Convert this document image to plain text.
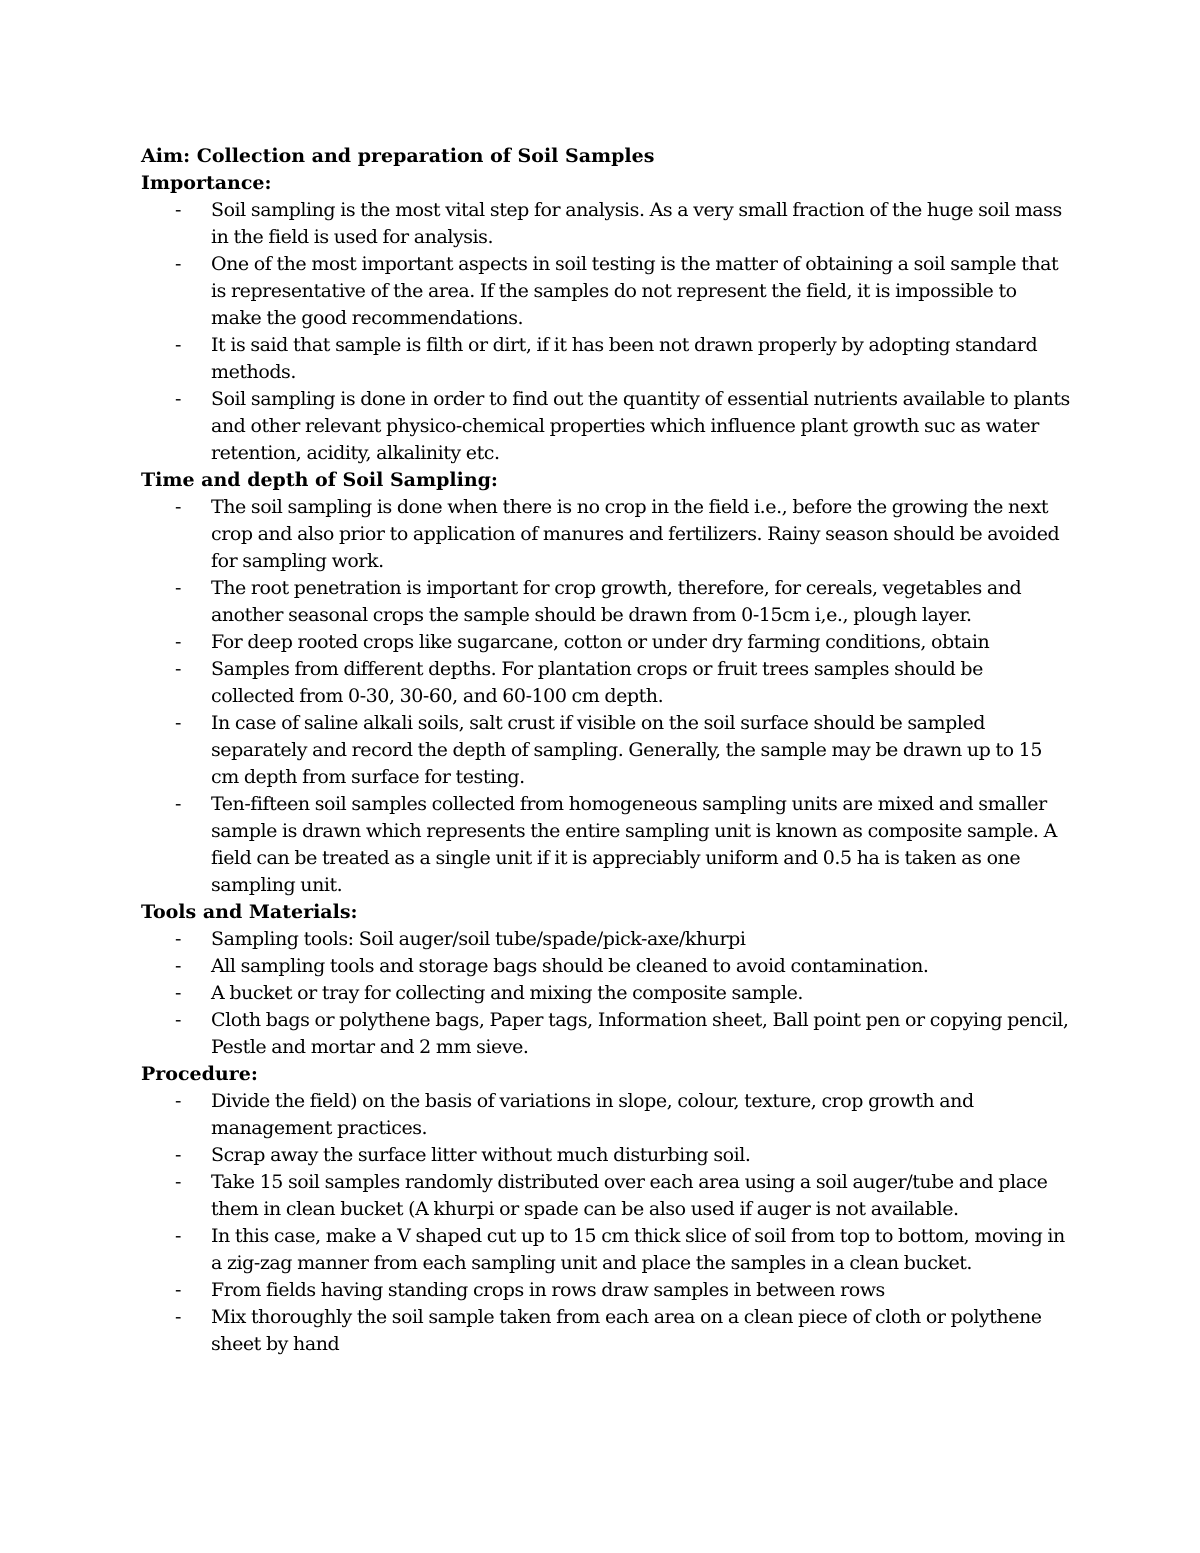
Aim: Collection and preparation of Soil Samples
Importance:
-	Soil sampling is the most vital step for analysis. As a very small fraction of the huge soil mass in the field is used for analysis.
-	One of the most important aspects in soil testing is the matter of obtaining a soil sample that is representative of the area. If the samples do not represent the field, it is impossible to make the good recommendations.
-	It is said that sample is filth or dirt, if it has been not drawn properly by adopting standard methods.
-	Soil sampling is done in order to find out the quantity of essential nutrients available to plants and other relevant physico-chemical properties which influence plant growth suc as water retention, acidity, alkalinity etc.
Time and depth of Soil Sampling:
-	The soil sampling is done when there is no crop in the field i.e., before the growing the next crop and also prior to application of manures and fertilizers. Rainy season should be avoided for sampling work.
-	The root penetration is important for crop growth, therefore, for cereals, vegetables and another seasonal crops the sample should be drawn from 0-15cm i,e., plough layer.
-	For deep rooted crops like sugarcane, cotton or under dry farming conditions, obtain
-	Samples from different depths. For plantation crops or fruit trees samples should be collected from 0-30, 30-60, and 60-100 cm depth.
-	In case of saline alkali soils, salt crust if visible on the soil surface should be sampled separately and record the depth of sampling. Generally, the sample may be drawn up to 15 cm depth from surface for testing.
-	Ten-fifteen soil samples collected from homogeneous sampling units are mixed and smaller sample is drawn which represents the entire sampling unit is known as composite sample. A field can be treated as a single unit if it is appreciably uniform and 0.5 ha is taken as one sampling unit.
Tools and Materials:
-	Sampling tools: Soil auger/soil tube/spade/pick-axe/khurpi
-	All sampling tools and storage bags should be cleaned to avoid contamination.
-	A bucket or tray for collecting and mixing the composite sample.
-	Cloth bags or polythene bags, Paper tags, Information sheet, Ball point pen or copying pencil, Pestle and mortar and 2 mm sieve.
Procedure:
-	Divide the field) on the basis of variations in slope, colour, texture, crop growth and management practices.
-	Scrap away the surface litter without much disturbing soil.
-	Take 15 soil samples randomly distributed over each area using a soil auger/tube and place them in clean bucket (A khurpi or spade can be also used if auger is not available.
-	In this case, make a V shaped cut up to 15 cm thick slice of soil from top to bottom, moving in a zig-zag manner from each sampling unit and place the samples in a clean bucket.
-	From fields having standing crops in rows draw samples in between rows
-	Mix thoroughly the soil sample taken from each area on a clean piece of cloth or polythene sheet by hand
